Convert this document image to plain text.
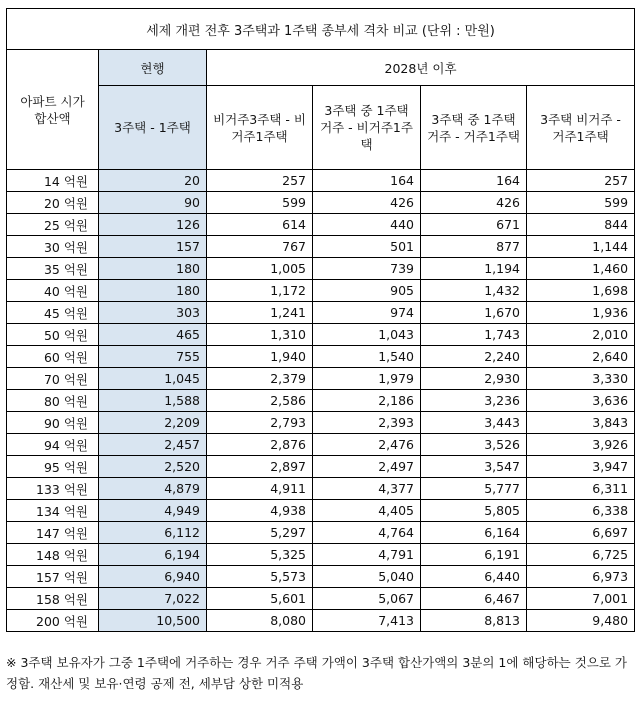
세제 개편 전후 3주택과 1주택 종부세 격차 비교 (단위 : 만원)					
아파트 시가 합산액	현행	2028년 이후			
	3주택 - 1주택	비거주3주택 - 비거주1주택	3주택 중 1주택 거주 - 비거주1주택	3주택 중 1주택 거주 - 거주1주택	3주택 비거주 - 거주1주택
14 억원	20	257	164	164	257
20 억원	90	599	426	426	599
25 억원	126	614	440	671	844
30 억원	157	767	501	877	1,144
35 억원	180	1,005	739	1,194	1,460
40 억원	180	1,172	905	1,432	1,698
45 억원	303	1,241	974	1,670	1,936
50 억원	465	1,310	1,043	1,743	2,010
60 억원	755	1,940	1,540	2,240	2,640
70 억원	1,045	2,379	1,979	2,930	3,330
80 억원	1,588	2,586	2,186	3,236	3,636
90 억원	2,209	2,793	2,393	3,443	3,843
94 억원	2,457	2,876	2,476	3,526	3,926
95 억원	2,520	2,897	2,497	3,547	3,947
133 억원	4,879	4,911	4,377	5,777	6,311
134 억원	4,949	4,938	4,405	5,805	6,338
147 억원	6,112	5,297	4,764	6,164	6,697
148 억원	6,194	5,325	4,791	6,191	6,725
157 억원	6,940	5,573	5,040	6,440	6,973
158 억원	7,022	5,601	5,067	6,467	7,001
200 억원	10,500	8,080	7,413	8,813	9,480
※ 3주택 보유자가 그중 1주택에 거주하는 경우 거주 주택 가액이 3주택 합산가액의 3분의 1에 해당하는 것으로 가정함. 재산세 및 보유·연령 공제 전, 세부담 상한 미적용
